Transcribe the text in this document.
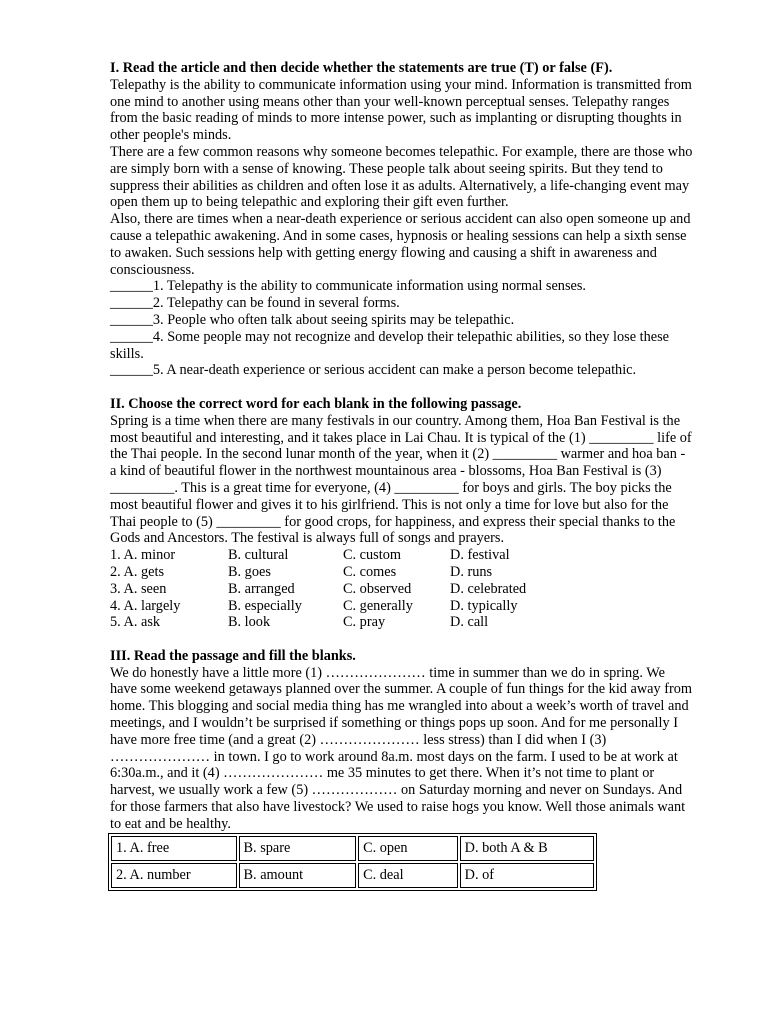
I. Read the article and then decide whether the statements are true (T) or false (F).

Telepathy is the ability to communicate information using your mind. Information is transmitted from one mind to another using means other than your well-known perceptual senses. Telepathy ranges from the basic reading of minds to more intense power, such as implanting or disrupting thoughts in other people's minds.

There are a few common reasons why someone becomes telepathic. For example, there are those who are simply born with a sense of knowing. These people talk about seeing spirits. But they tend to suppress their abilities as children and often lose it as adults. Alternatively, a life-changing event may open them up to being telepathic and exploring their gift even further.

Also, there are times when a near-death experience or serious accident can also open someone up and cause a telepathic awakening. And in some cases, hypnosis or healing sessions can help a sixth sense to awaken. Such sessions help with getting energy flowing and causing a shift in awareness and consciousness.

______1. Telepathy is the ability to communicate information using normal senses.

______2. Telepathy can be found in several forms.

______3. People who often talk about seeing spirits may be telepathic.

______4. Some people may not recognize and develop their telepathic abilities, so they lose these skills.

______5. A near-death experience or serious accident can make a person become telepathic.

II. Choose the correct word for each blank in the following passage.

Spring is a time when there are many festivals in our country. Among them, Hoa Ban Festival is the most beautiful and interesting, and it takes place in Lai Chau. It is typical of the (1) _________ life of the Thai people. In the second lunar month of the year, when it (2) _________ warmer and hoa ban - a kind of beautiful flower in the northwest mountainous area - blossoms, Hoa Ban Festival is (3) _________. This is a great time for everyone, (4) _________ for boys and girls. The boy picks the most beautiful flower and gives it to his girlfriend. This is not only a time for love but also for the Thai people to (5) _________ for good crops, for happiness, and express their special thanks to the Gods and Ancestors. The festival is always full of songs and prayers.

1. A. minor	B. cultural	C. custom	D. festival
2. A. gets	B. goes	C. comes	D. runs
3. A. seen	B. arranged	C. observed	D. celebrated
4. A. largely	B. especially	C. generally	D. typically
5. A. ask	B. look	C. pray	D. call

III. Read the passage and fill the blanks.

We do honestly have a little more (1) ………………… time in summer than we do in spring. We have some weekend getaways planned over the summer. A couple of fun things for the kid away from home. This blogging and social media thing has me wrangled into about a week’s worth of travel and meetings, and I wouldn’t be surprised if something or things pops up soon. And for me personally I have more free time (and a great (2) ………………… less stress) than I did when I (3) ………………… in town. I go to work around 8a.m. most days on the farm. I used to be at work at 6:30a.m., and it (4) ………………… me 35 minutes to get there. When it’s not time to plant or harvest, we usually work a few (5) ……………… on Saturday morning and never on Sundays. And for those farmers that also have livestock? We used to raise hogs you know. Well those animals want to eat and be healthy.

1. A. free	B. spare	C. open	D. both A & B
2. A. number	B. amount	C. deal	D. of
